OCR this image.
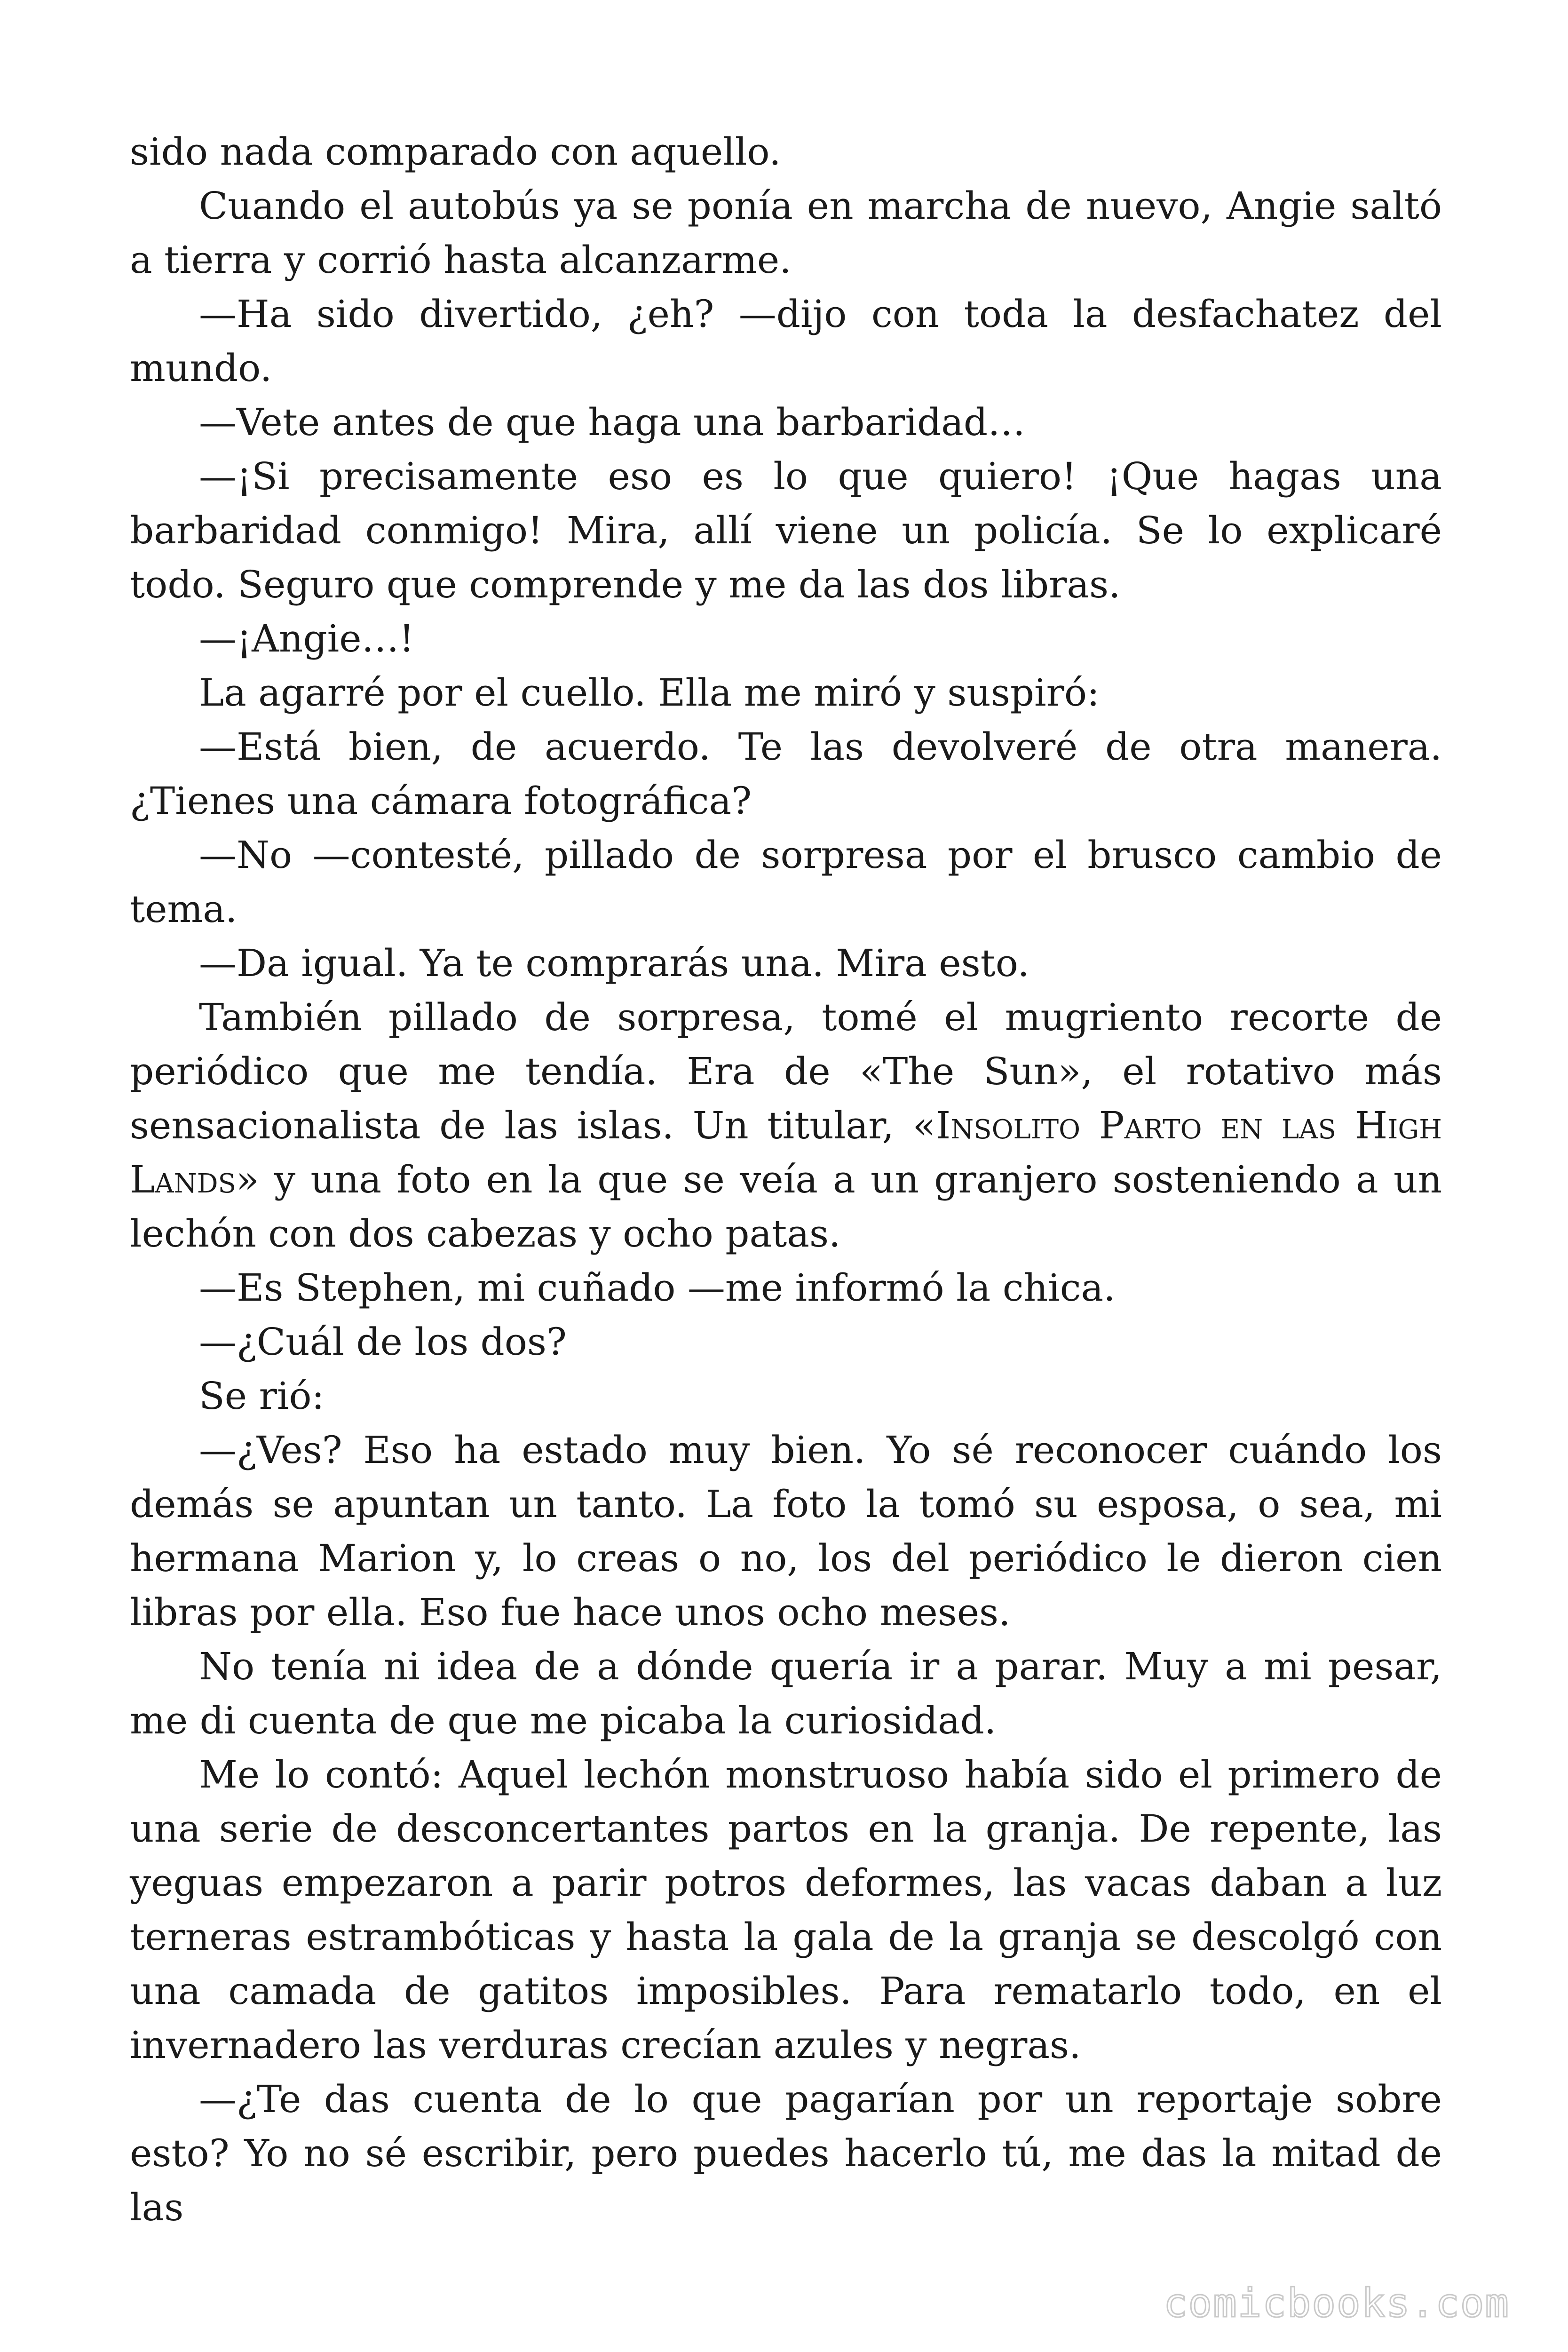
sido nada comparado con aquello.

Cuando el autobús ya se ponía en marcha de nuevo, Angie saltó a tierra y corrió hasta alcanzarme.

—Ha sido divertido, ¿eh? —dijo con toda la desfachatez del mundo.

—Vete antes de que haga una barbaridad…

—¡Si precisamente eso es lo que quiero! ¡Que hagas una barbaridad conmigo! Mira, allí viene un policía. Se lo explicaré todo. Seguro que comprende y me da las dos libras.

—¡Angie…!

La agarré por el cuello. Ella me miró y suspiró:

—Está bien, de acuerdo. Te las devolveré de otra manera. ¿Tienes una cámara fotográfica?

—No —contesté, pillado de sorpresa por el brusco cambio de tema.

—Da igual. Ya te comprarás una. Mira esto.

También pillado de sorpresa, tomé el mugriento recorte de periódico que me tendía. Era de «The Sun», el rotativo más sensacionalista de las islas. Un titular, «Insolito Parto en las High Lands» y una foto en la que se veía a un granjero sosteniendo a un lechón con dos cabezas y ocho patas.

—Es Stephen, mi cuñado —me informó la chica.

—¿Cuál de los dos?

Se rió:

—¿Ves? Eso ha estado muy bien. Yo sé reconocer cuándo los demás se apuntan un tanto. La foto la tomó su esposa, o sea, mi hermana Marion y, lo creas o no, los del periódico le dieron cien libras por ella. Eso fue hace unos ocho meses.

No tenía ni idea de a dónde quería ir a parar. Muy a mi pesar, me di cuenta de que me picaba la curiosidad.

Me lo contó: Aquel lechón monstruoso había sido el primero de una serie de desconcertantes partos en la granja. De repente, las yeguas empezaron a parir potros deformes, las vacas daban a luz terneras estrambóticas y hasta la gala de la granja se descolgó con una camada de gatitos imposibles. Para rematarlo todo, en el invernadero las verduras crecían azules y negras.

—¿Te das cuenta de lo que pagarían por un reportaje sobre esto? Yo no sé escribir, pero puedes hacerlo tú, me das la mitad de las

comicbooks.com
